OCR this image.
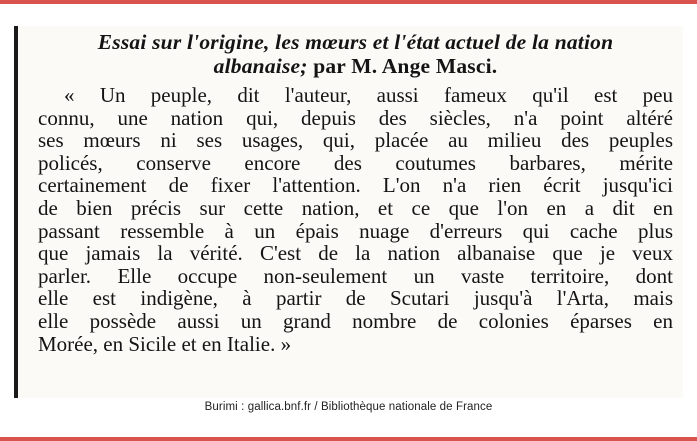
Essai sur l'origine, les mœurs et l'état actuel de la nation
albanaise; par M. Ange Masci.

« Un peuple, dit l'auteur, aussi fameux qu'il est peu
connu, une nation qui, depuis des siècles, n'a point altéré
ses mœurs ni ses usages, qui, placée au milieu des peuples
policés, conserve encore des coutumes barbares, mérite
certainement de fixer l'attention. L'on n'a rien écrit jusqu'ici
de bien précis sur cette nation, et ce que l'on en a dit en
passant ressemble à un épais nuage d'erreurs qui cache plus
que jamais la vérité. C'est de la nation albanaise que je veux
parler. Elle occupe non-seulement un vaste territoire, dont
elle est indigène, à partir de Scutari jusqu'à l'Arta, mais
elle possède aussi un grand nombre de colonies éparses en
Morée, en Sicile et en Italie. »

Burimi : gallica.bnf.fr / Bibliothèque nationale de France
